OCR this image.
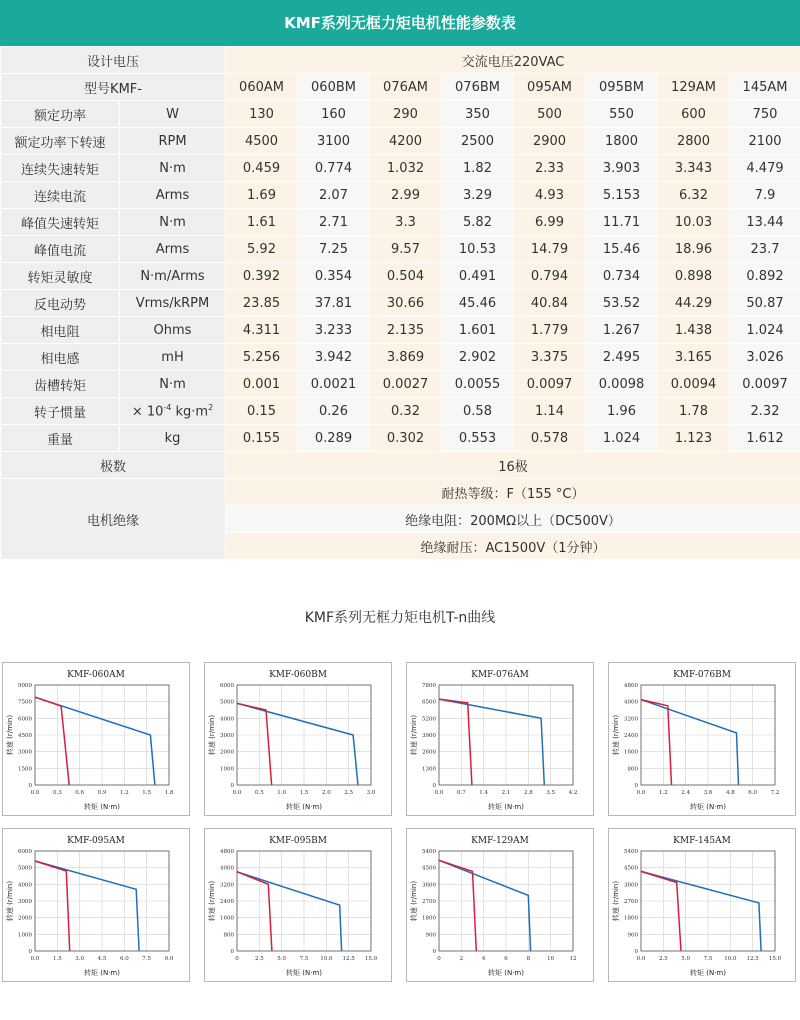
KMF系列无框力矩电机性能参数表
设计电压		交流电压220VAC							
型号KMF-		060AM	060BM	076AM	076BM	095AM	095BM	129AM	145AM
额定功率	W	130	160	290	350	500	550	600	750
额定功率下转速	RPM	4500	3100	4200	2500	2900	1800	2800	2100
连续失速转矩	N·m	0.459	0.774	1.032	1.82	2.33	3.903	3.343	4.479
连续电流	Arms	1.69	2.07	2.99	3.29	4.93	5.153	6.32	7.9
峰值失速转矩	N·m	1.61	2.71	3.3	5.82	6.99	11.71	10.03	13.44
峰值电流	Arms	5.92	7.25	9.57	10.53	14.79	15.46	18.96	23.7
转矩灵敏度	N·m/Arms	0.392	0.354	0.504	0.491	0.794	0.734	0.898	0.892
反电动势	Vrms/kRPM	23.85	37.81	30.66	45.46	40.84	53.52	44.29	50.87
相电阻	Ohms	4.311	3.233	2.135	1.601	1.779	1.267	1.438	1.024
相电感	mH	5.256	3.942	3.869	2.902	3.375	2.495	3.165	3.026
齿槽转矩	N·m	0.001	0.0021	0.0027	0.0055	0.0097	0.0098	0.0094	0.0097
转子惯量	× $10^{-4}$ $kg\cdot m^2$	0.15	0.26	0.32	0.58	1.14	1.96	1.78	2.32
重量	kg	0.155	0.289	0.302	0.553	0.578	1.024	1.123	1.612
极数		16极							
电机绝缘		耐热等级：F（155 °C）							
		绝缘电阻：200MΩ以上（DC500V）							
		绝缘耐压：AC1500V（1分钟）							
KMF系列无框力矩电机T-n曲线
KMF-060AM
0.0 0.3 0.6 0.9 1.2 1.5 1.8
0
1500
3000
4500
6000
7500
9000
转矩 (N·m)
转速 (r/min)
KMF-060BM
0.0 0.5 1.0 1.5 2.0 2.5 3.0
0
1000
2000
3000
4000
5000
6000
转矩 (N·m)
转速 (r/min)
KMF-076AM
0.0 0.7 1.4 2.1 2.8 3.5 4.2
0
1300
2600
3900
5200
6500
7800
转矩 (N·m)
转速 (r/min)
KMF-076BM
0.0 1.2 2.4 3.6 4.8 6.0 7.2
0
800
1600
2400
3200
4000
4800
转矩 (N·m)
转速 (r/min)
KMF-095AM
0.0 1.5 3.0 4.5 6.0 7.5 9.0
0
1000
2000
3000
4000
5000
6000
转矩 (N·m)
转速 (r/min)
KMF-095BM
0	2.5 5.0 7.5 10.0 12.5 15.0
0
800
1600
2400
3200
4000
4800
转矩 (N·m)
转速 (r/min)
KMF-129AM
0	2	4	6	8	10	12
0
900
1800
2700
3600
4500
5400
转矩 (N·m)
转速 (r/min)
KMF-145AM
0.0 2.5 5.0 7.5 10.0 12.5 15.0
0
900
1800
2700
3600
4500
5400
转矩 (N·m)
转速 (r/min)
